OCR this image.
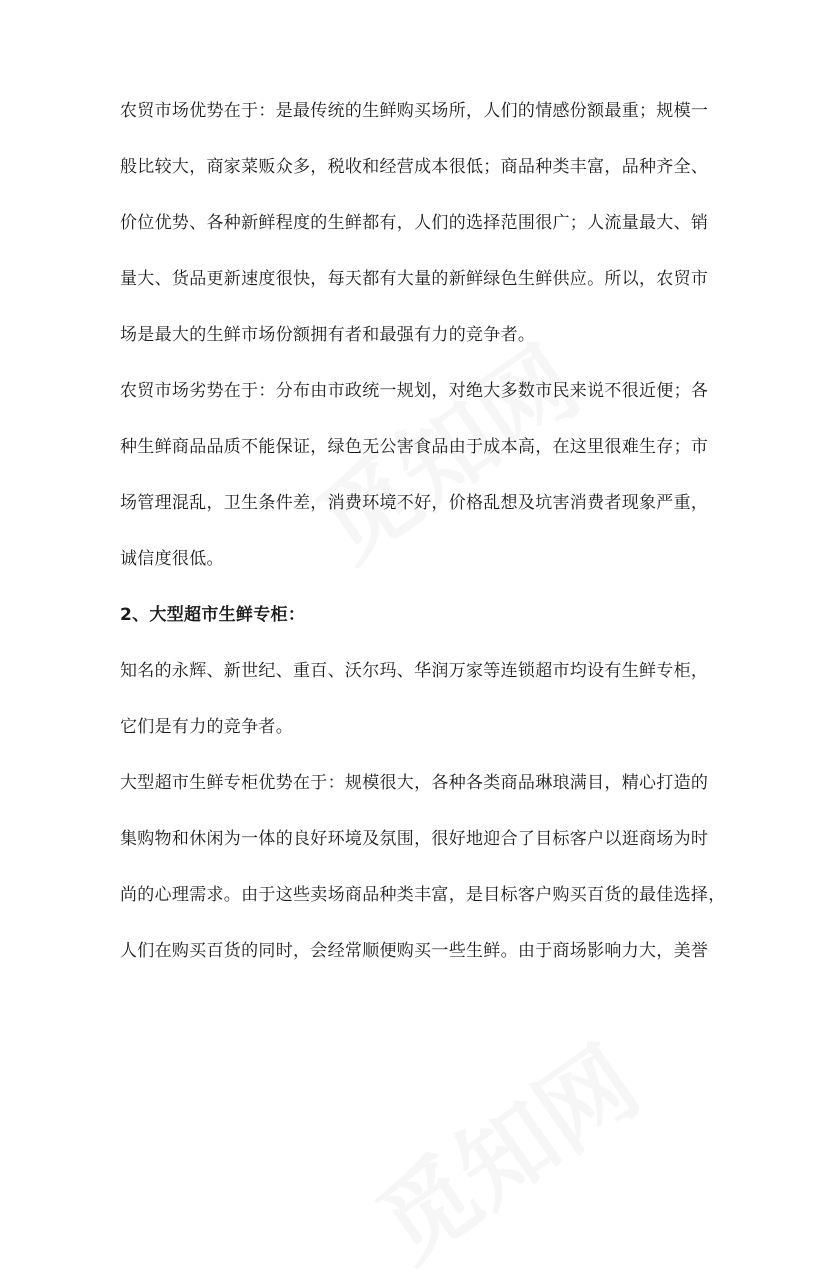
农贸市场优势在于：是最传统的生鲜购买场所，人们的情感份额最重；规模一
般比较大，商家菜贩众多，税收和经营成本很低；商品种类丰富，品种齐全、
价位优势、各种新鲜程度的生鲜都有，人们的选择范围很广；人流量最大、销
量大、货品更新速度很快，每天都有大量的新鲜绿色生鲜供应。所以，农贸市
场是最大的生鲜市场份额拥有者和最强有力的竞争者。
农贸市场劣势在于：分布由市政统一规划，对绝大多数市民来说不很近便；各
种生鲜商品品质不能保证，绿色无公害食品由于成本高，在这里很难生存；市
场管理混乱，卫生条件差，消费环境不好，价格乱想及坑害消费者现象严重，
诚信度很低。
2、大型超市生鲜专柜：
知名的永辉、新世纪、重百、沃尔玛、华润万家等连锁超市均设有生鲜专柜，
它们是有力的竞争者。
大型超市生鲜专柜优势在于：规模很大，各种各类商品琳琅满目，精心打造的
集购物和休闲为一体的良好环境及氛围，很好地迎合了目标客户以逛商场为时
尚的心理需求。由于这些卖场商品种类丰富，是目标客户购买百货的最佳选择，
人们在购买百货的同时，会经常顺便购买一些生鲜。由于商场影响力大，美誉
